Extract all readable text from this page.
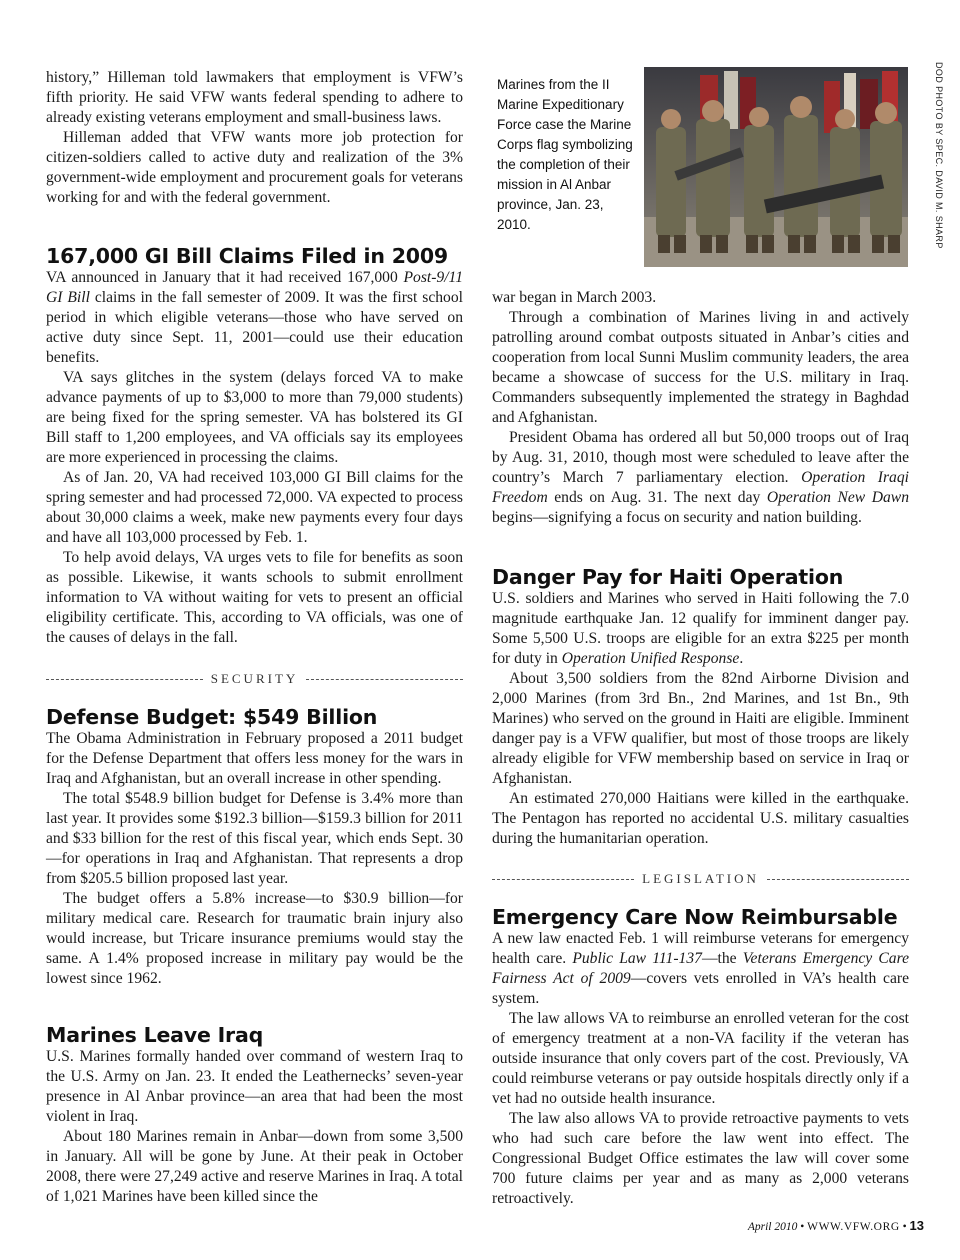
history,” Hilleman told lawmakers that employment is VFW’s fifth priority. He said VFW wants federal spending to adhere to already existing veterans employment and small-business laws.

Hilleman added that VFW wants more job protection for citizen-soldiers called to active duty and realization of the 3% government-wide employment and procurement goals for veterans working for and with the federal government.

167,000 GI Bill Claims Filed in 2009

VA announced in January that it had received 167,000 Post-9/11 GI Bill claims in the fall semester of 2009. It was the first school period in which eligible veterans—those who have served on active duty since Sept. 11, 2001—could use their education benefits.

VA says glitches in the system (delays forced VA to make advance payments of up to $3,000 to more than 79,000 students) are being fixed for the spring semester. VA has bolstered its GI Bill staff to 1,200 employees, and VA officials say its employees are more experienced in processing the claims.

As of Jan. 20, VA had received 103,000 GI Bill claims for the spring semester and had processed 72,000. VA expected to process about 30,000 claims a week, make new payments every four days and have all 103,000 processed by Feb. 1.

To help avoid delays, VA urges vets to file for benefits as soon as possible. Likewise, it wants schools to submit enrollment information to VA without waiting for vets to present an official eligibility certificate. This, according to VA officials, was one of the causes of delays in the fall.

SECURITY
Defense Budget: $549 Billion

The Obama Administration in February proposed a 2011 budget for the Defense Department that offers less money for the wars in Iraq and Afghanistan, but an overall increase in other spending.

The total $548.9 billion budget for Defense is 3.4% more than last year. It provides some $192.3 billion—$159.3 billion for 2011 and $33 billion for the rest of this fiscal year, which ends Sept. 30—for operations in Iraq and Afghanistan. That represents a drop from $205.5 billion proposed last year.

The budget offers a 5.8% increase—to $30.9 billion—for military medical care. Research for traumatic brain injury also would increase, but Tricare insurance premiums would stay the same. A 1.4% proposed increase in military pay would be the lowest since 1962.

Marines Leave Iraq

U.S. Marines formally handed over command of western Iraq to the U.S. Army on Jan. 23. It ended the Leathernecks’ seven-year presence in Al Anbar province—an area that had been the most violent in Iraq.

About 180 Marines remain in Anbar—down from some 3,500 in January. All will be gone by June. At their peak in October 2008, there were 27,249 active and reserve Marines in Iraq. A total of 1,021 Marines have been killed since the

Marines from the II Marine Expeditionary Force case the Marine Corps flag symbolizing the completion of their mission in Al Anbar province, Jan. 23, 2010.	DOD PHOTO BY SPEC. DAVID M. SHARP

war began in March 2003.

Through a combination of Marines living in and actively patrolling around combat outposts situated in Anbar’s cities and cooperation from local Sunni Muslim community leaders, the area became a showcase of success for the U.S. military in Iraq. Commanders subsequently implemented the strategy in Baghdad and Afghanistan.

President Obama has ordered all but 50,000 troops out of Iraq by Aug. 31, 2010, though most were scheduled to leave after the country’s March 7 parliamentary election. Operation Iraqi Freedom ends on Aug. 31. The next day Operation New Dawn begins—signifying a focus on security and nation building.

Danger Pay for Haiti Operation

U.S. soldiers and Marines who served in Haiti following the 7.0 magnitude earthquake Jan. 12 qualify for imminent danger pay. Some 5,500 U.S. troops are eligible for an extra $225 per month for duty in Operation Unified Response.

About 3,500 soldiers from the 82nd Airborne Division and 2,000 Marines (from 3rd Bn., 2nd Marines, and 1st Bn., 9th Marines) who served on the ground in Haiti are eligible. Imminent danger pay is a VFW qualifier, but most of those troops are likely already eligible for VFW membership based on service in Iraq or Afghanistan.

An estimated 270,000 Haitians were killed in the earthquake. The Pentagon has reported no accidental U.S. military casualties during the humanitarian operation.

LEGISLATION
Emergency Care Now Reimbursable

A new law enacted Feb. 1 will reimburse veterans for emergency health care. Public Law 111-137—the Veterans Emergency Care Fairness Act of 2009—covers vets enrolled in VA’s health care system.

The law allows VA to reimburse an enrolled veteran for the cost of emergency treatment at a non-VA facility if the veteran has outside insurance that only covers part of the cost. Previously, VA could reimburse veterans or pay outside hospitals directly only if a vet had no outside health insurance.

The law also allows VA to provide retroactive payments to vets who had such care before the law went into effect. The Congressional Budget Office estimates the law will cover some 700 future claims per year and as many as 2,000 veterans retroactively.

April 2010 • WWW.VFW.ORG • 13
